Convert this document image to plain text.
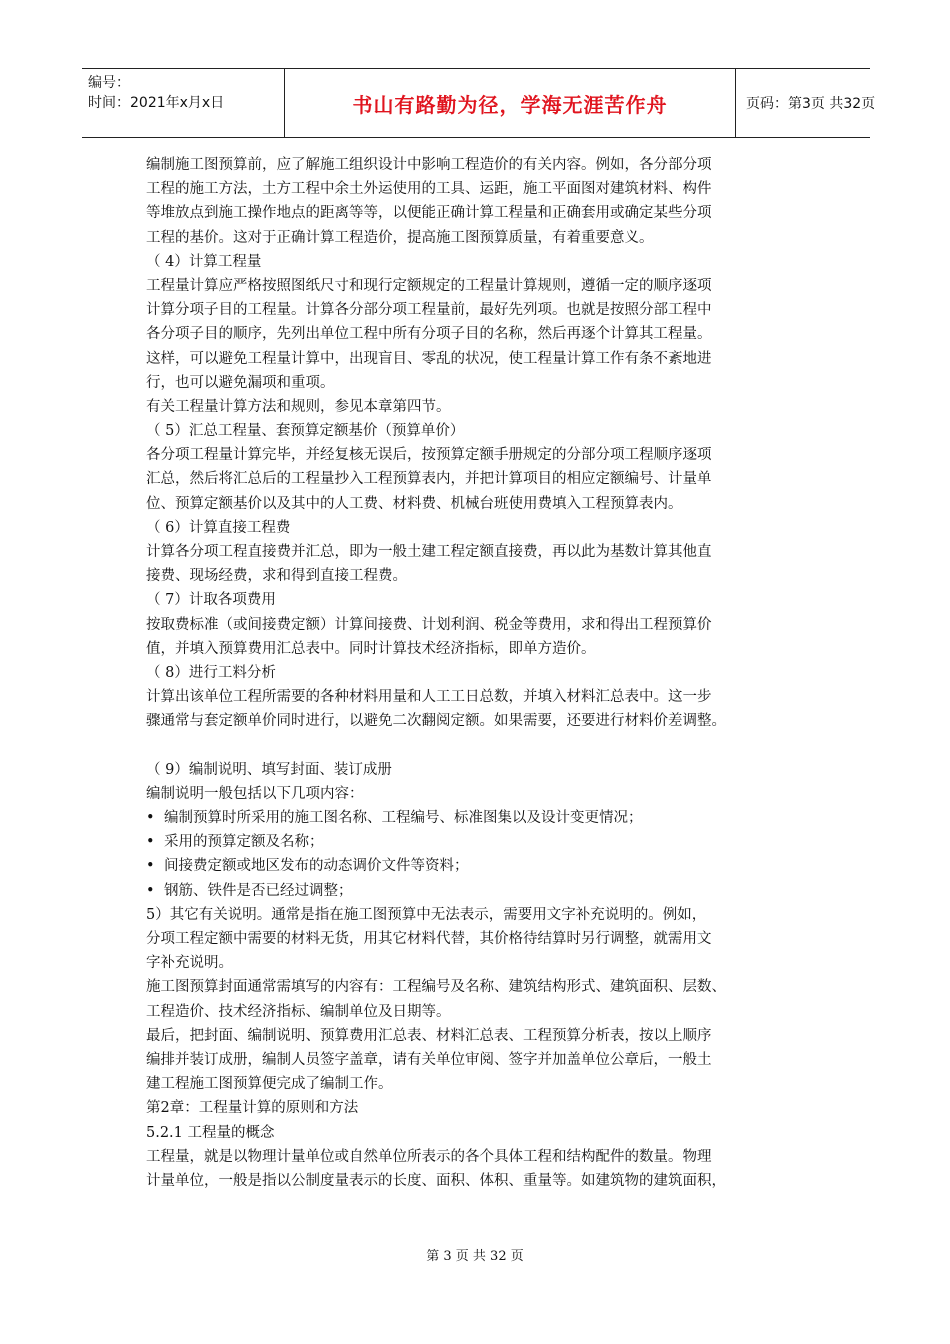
编号：
时间：2021年x月x日	书山有路勤为径，学海无涯苦作舟	页码：第3页 共32页
编制施工图预算前，应了解施工组织设计中影响工程造价的有关内容。例如，各分部分项
工程的施工方法，土方工程中余土外运使用的工具、运距，施工平面图对建筑材料、构件
等堆放点到施工操作地点的距离等等，以便能正确计算工程量和正确套用或确定某些分项
工程的基价。这对于正确计算工程造价，提高施工图预算质量，有着重要意义。
（ 4）计算工程量
工程量计算应严格按照图纸尺寸和现行定额规定的工程量计算规则，遵循一定的顺序逐项
计算分项子目的工程量。计算各分部分项工程量前，最好先列项。也就是按照分部工程中
各分项子目的顺序，先列出单位工程中所有分项子目的名称，然后再逐个计算其工程量。
这样，可以避免工程量计算中，出现盲目、零乱的状况，使工程量计算工作有条不紊地进
行，也可以避免漏项和重项。
有关工程量计算方法和规则，参见本章第四节。
（ 5）汇总工程量、套预算定额基价（预算单价）
各分项工程量计算完毕，并经复核无误后，按预算定额手册规定的分部分项工程顺序逐项
汇总，然后将汇总后的工程量抄入工程预算表内，并把计算项目的相应定额编号、计量单
位、预算定额基价以及其中的人工费、材料费、机械台班使用费填入工程预算表内。
（ 6）计算直接工程费
计算各分项工程直接费并汇总，即为一般土建工程定额直接费，再以此为基数计算其他直
接费、现场经费，求和得到直接工程费。
（ 7）计取各项费用
按取费标准（或间接费定额）计算间接费、计划利润、税金等费用，求和得出工程预算价
值，并填入预算费用汇总表中。同时计算技术经济指标，即单方造价。
（ 8）进行工料分析
计算出该单位工程所需要的各种材料用量和人工工日总数，并填入材料汇总表中。这一步
骤通常与套定额单价同时进行，以避免二次翻阅定额。如果需要，还要进行材料价差调整。
（ 9）编制说明、填写封面、装订成册
编制说明一般包括以下几项内容：
• 编制预算时所采用的施工图名称、工程编号、标准图集以及设计变更情况；
• 采用的预算定额及名称；
• 间接费定额或地区发布的动态调价文件等资料；
• 钢筋、铁件是否已经过调整；
5）其它有关说明。通常是指在施工图预算中无法表示，需要用文字补充说明的。例如，
分项工程定额中需要的材料无货，用其它材料代替，其价格待结算时另行调整，就需用文
字补充说明。
施工图预算封面通常需填写的内容有：工程编号及名称、建筑结构形式、建筑面积、层数、
工程造价、技术经济指标、编制单位及日期等。
最后，把封面、编制说明、预算费用汇总表、材料汇总表、工程预算分析表，按以上顺序
编排并装订成册，编制人员签字盖章，请有关单位审阅、签字并加盖单位公章后，一般土
建工程施工图预算便完成了编制工作。
第2章：工程量计算的原则和方法
5.2.1 工程量的概念
工程量，就是以物理计量单位或自然单位所表示的各个具体工程和结构配件的数量。物理
计量单位，一般是指以公制度量表示的长度、面积、体积、重量等。如建筑物的建筑面积，
第 3 页 共 32 页
